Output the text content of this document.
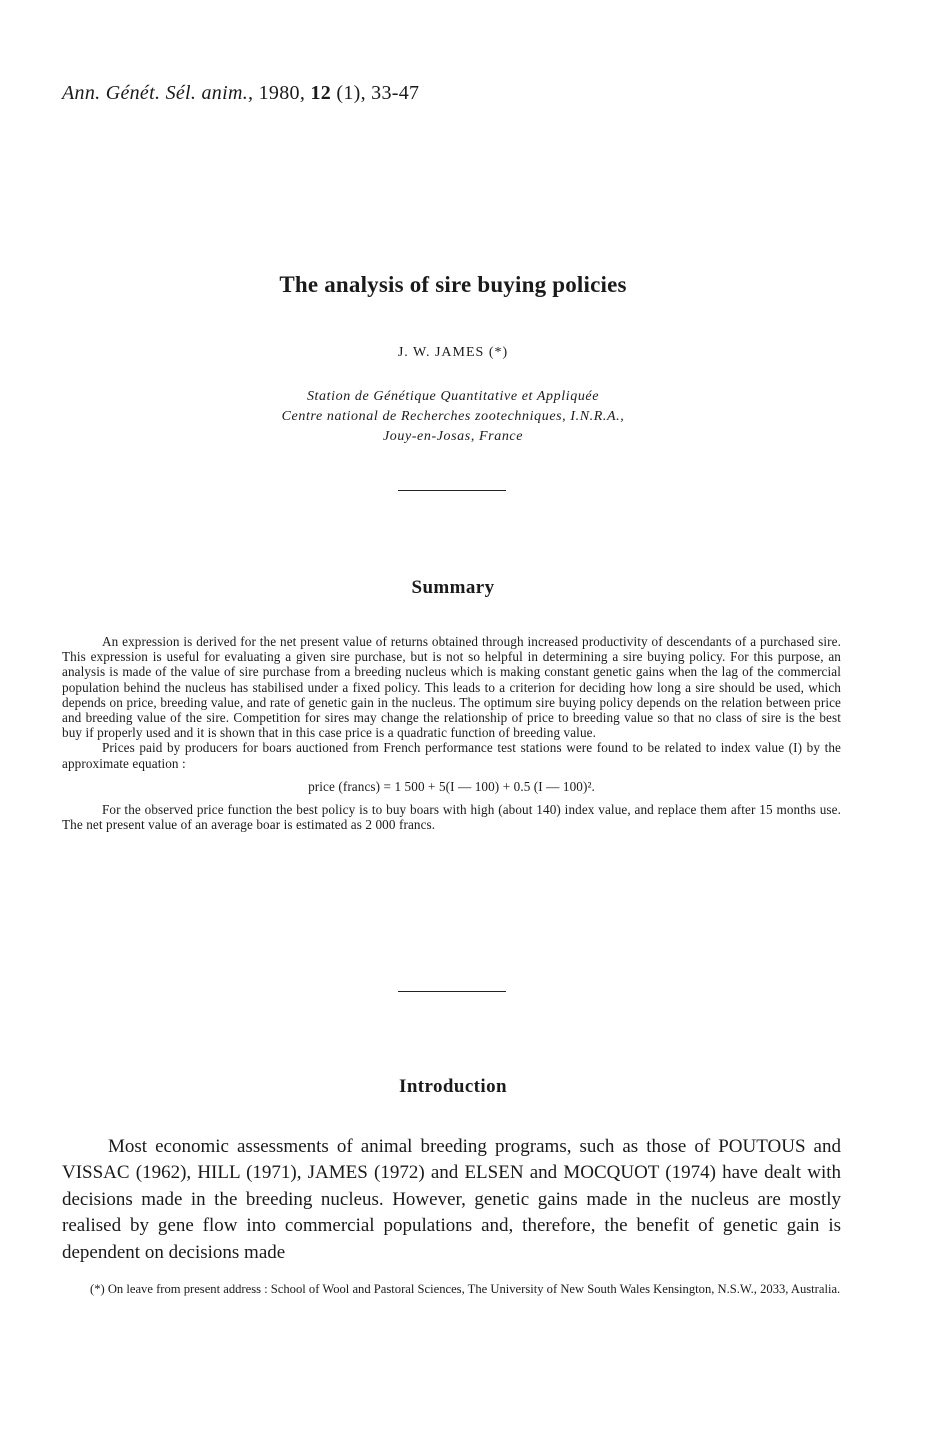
Ann. Génét. Sél. anim., 1980, 12 (1), 33-47
The analysis of sire buying policies
J. W. JAMES (*)
Station de Génétique Quantitative et Appliquée
Centre national de Recherches zootechniques, I.N.R.A.,
Jouy-en-Josas, France
Summary

An expression is derived for the net present value of returns obtained through increased productivity of descendants of a purchased sire. This expression is useful for evaluating a given sire purchase, but is not so helpful in determining a sire buying policy. For this purpose, an analysis is made of the value of sire purchase from a breeding nucleus which is making constant genetic gains when the lag of the commercial population behind the nucleus has stabilised under a fixed policy. This leads to a criterion for deciding how long a sire should be used, which depends on price, breeding value, and rate of genetic gain in the nucleus. The optimum sire buying policy depends on the relation between price and breeding value of the sire. Competition for sires may change the relationship of price to breeding value so that no class of sire is the best buy if properly used and it is shown that in this case price is a quadratic function of breeding value.

Prices paid by producers for boars auctioned from French performance test stations were found to be related to index value (I) by the approximate equation :

price (francs) = 1 500 + 5(I — 100) + 0.5 (I — 100)².

For the observed price function the best policy is to buy boars with high (about 140) index value, and replace them after 15 months use. The net present value of an average boar is estimated as 2 000 francs.

Introduction

Most economic assessments of animal breeding programs, such as those of POUTOUS and VISSAC (1962), HILL (1971), JAMES (1972) and ELSEN and MOCQUOT (1974) have dealt with decisions made in the breeding nucleus. However, genetic gains made in the nucleus are mostly realised by gene flow into commercial populations and, therefore, the benefit of genetic gain is dependent on decisions made

(*) On leave from present address : School of Wool and Pastoral Sciences, The University of New South Wales Kensington, N.S.W., 2033, Australia.
